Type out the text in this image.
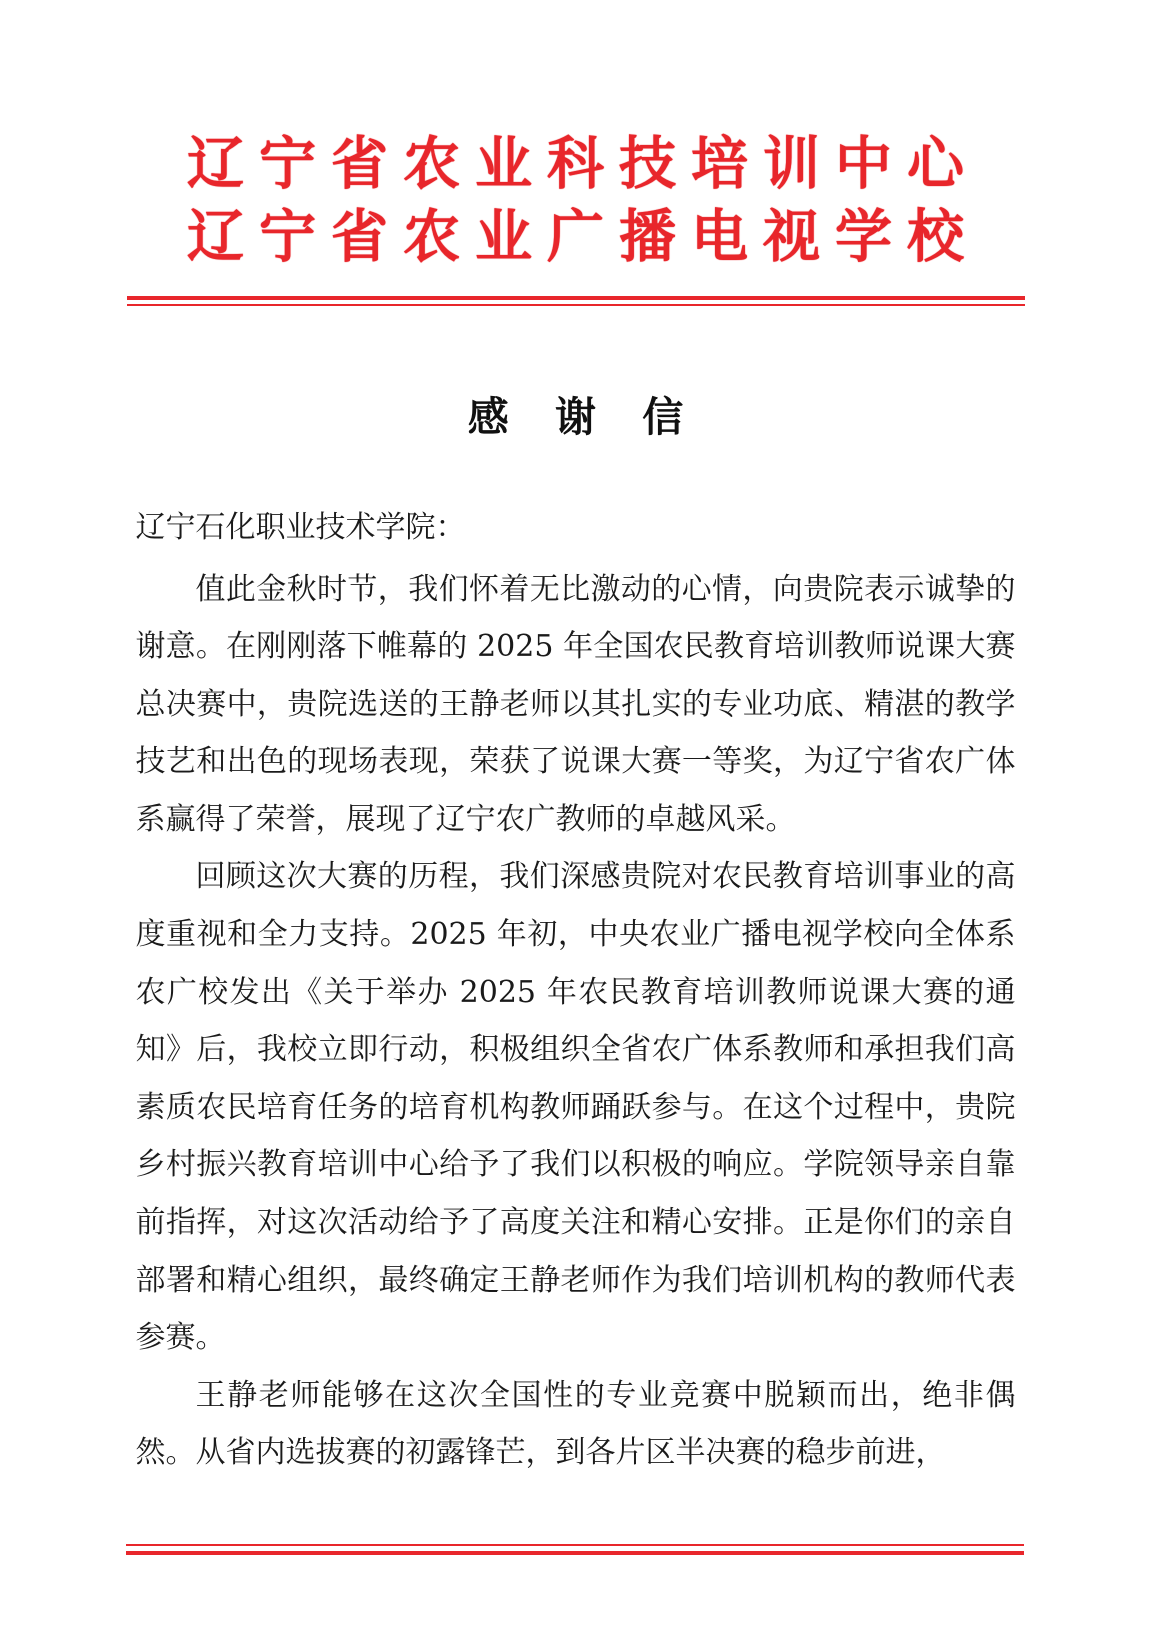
辽宁省农业科技培训中心
辽宁省农业广播电视学校
感 谢 信

辽宁石化职业技术学院：

值此金秋时节，我们怀着无比激动的心情，向贵院表示诚挚的谢意。在刚刚落下帷幕的 2025 年全国农民教育培训教师说课大赛总决赛中，贵院选送的王静老师以其扎实的专业功底、精湛的教学技艺和出色的现场表现，荣获了说课大赛一等奖，为辽宁省农广体系赢得了荣誉，展现了辽宁农广教师的卓越风采。

回顾这次大赛的历程，我们深感贵院对农民教育培训事业的高度重视和全力支持。2025 年初，中央农业广播电视学校向全体系农广校发出《关于举办 2025 年农民教育培训教师说课大赛的通知》后，我校立即行动，积极组织全省农广体系教师和承担我们高素质农民培育任务的培育机构教师踊跃参与。在这个过程中，贵院乡村振兴教育培训中心给予了我们以积极的响应。学院领导亲自靠前指挥，对这次活动给予了高度关注和精心安排。正是你们的亲自部署和精心组织，最终确定王静老师作为我们培训机构的教师代表参赛。

王静老师能够在这次全国性的专业竞赛中脱颖而出，绝非偶然。从省内选拔赛的初露锋芒，到各片区半决赛的稳步前进，
